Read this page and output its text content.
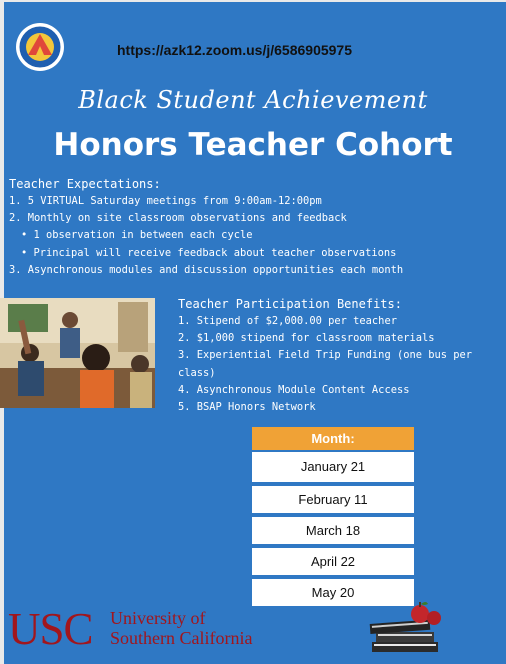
https://azk12.zoom.us/j/6586905975
Black Student Achievement
Honors Teacher Cohort
Teacher Expectations:
1. 5 VIRTUAL Saturday meetings from 9:00am-12:00pm
2. Monthly on site classroom observations and feedback
• 1 observation in between each cycle
• Principal will receive feedback about teacher observations
3. Asynchronous modules and discussion opportunities each month
Teacher Participation Benefits:
1. Stipend of $2,000.00 per teacher
2. $1,000 stipend for classroom materials
3. Experiential Field Trip Funding (one bus per
class)
4. Asynchronous Module Content Access
5. BSAP Honors Network
Month:
January 21
February 11
March 18
April 22
May 20
USC University of
Southern California
